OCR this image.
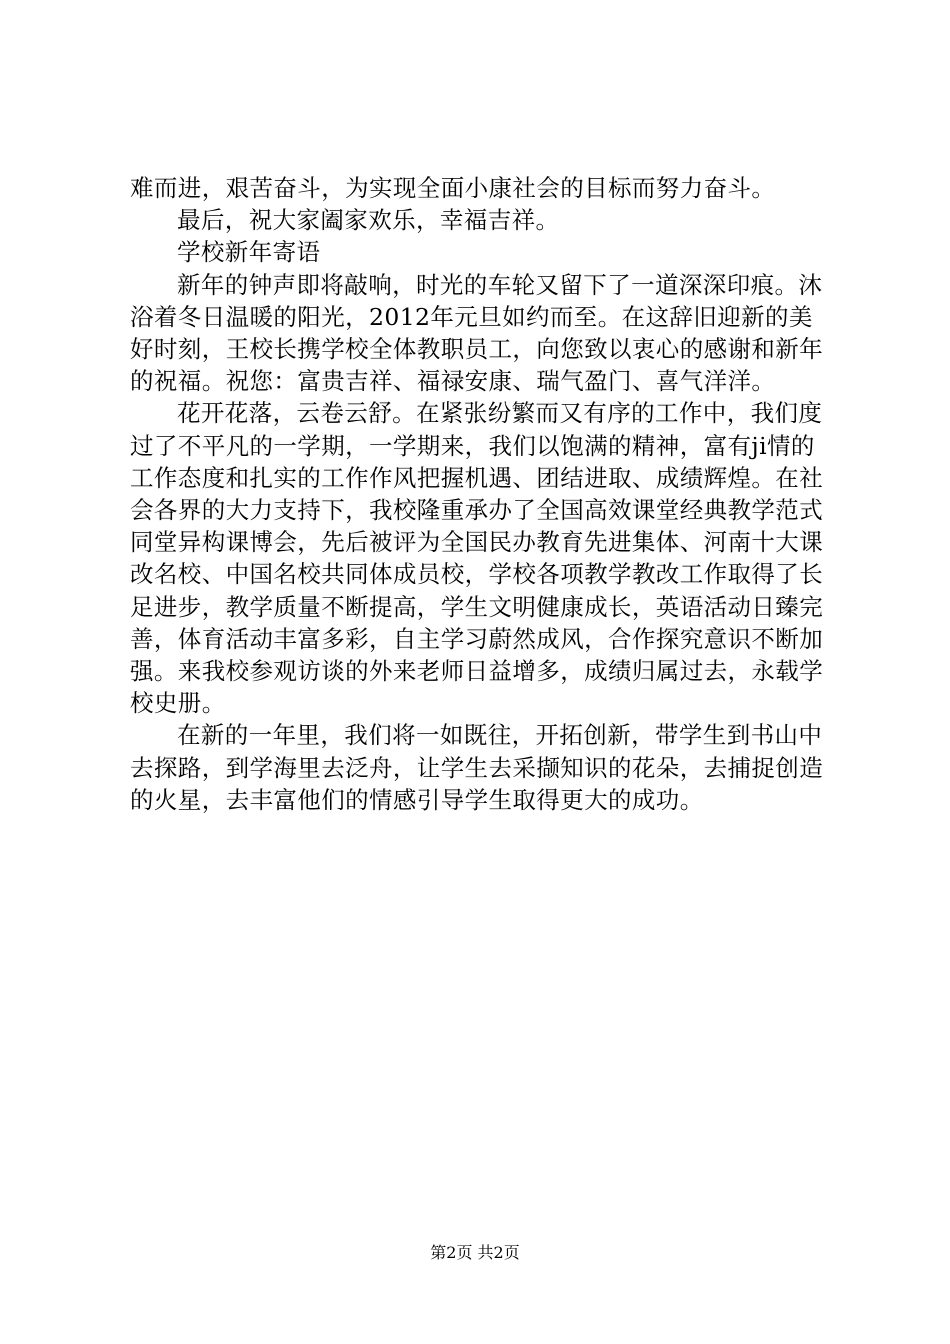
难而进，艰苦奋斗，为实现全面小康社会的目标而努力奋斗。

最后，祝大家阖家欢乐，幸福吉祥。

学校新年寄语

新年的钟声即将敲响，时光的车轮又留下了一道深深印痕。沐浴着冬日温暖的阳光，2012年元旦如约而至。在这辞旧迎新的美好时刻，王校长携学校全体教职员工，向您致以衷心的感谢和新年的祝福。祝您：富贵吉祥、福禄安康、瑞气盈门、喜气洋洋。

花开花落，云卷云舒。在紧张纷繁而又有序的工作中，我们度过了不平凡的一学期，一学期来，我们以饱满的精神，富有ji情的工作态度和扎实的工作作风把握机遇、团结进取、成绩辉煌。在社会各界的大力支持下，我校隆重承办了全国高效课堂经典教学范式同堂异构课博会，先后被评为全国民办教育先进集体、河南十大课改名校、中国名校共同体成员校，学校各项教学教改工作取得了长足进步，教学质量不断提高，学生文明健康成长，英语活动日臻完善，体育活动丰富多彩，自主学习蔚然成风，合作探究意识不断加强。来我校参观访谈的外来老师日益增多，成绩归属过去，永载学校史册。

在新的一年里，我们将一如既往，开拓创新，带学生到书山中去探路，到学海里去泛舟，让学生去采撷知识的花朵，去捕捉创造的火星，去丰富他们的情感引导学生取得更大的成功。

第2页 共2页
